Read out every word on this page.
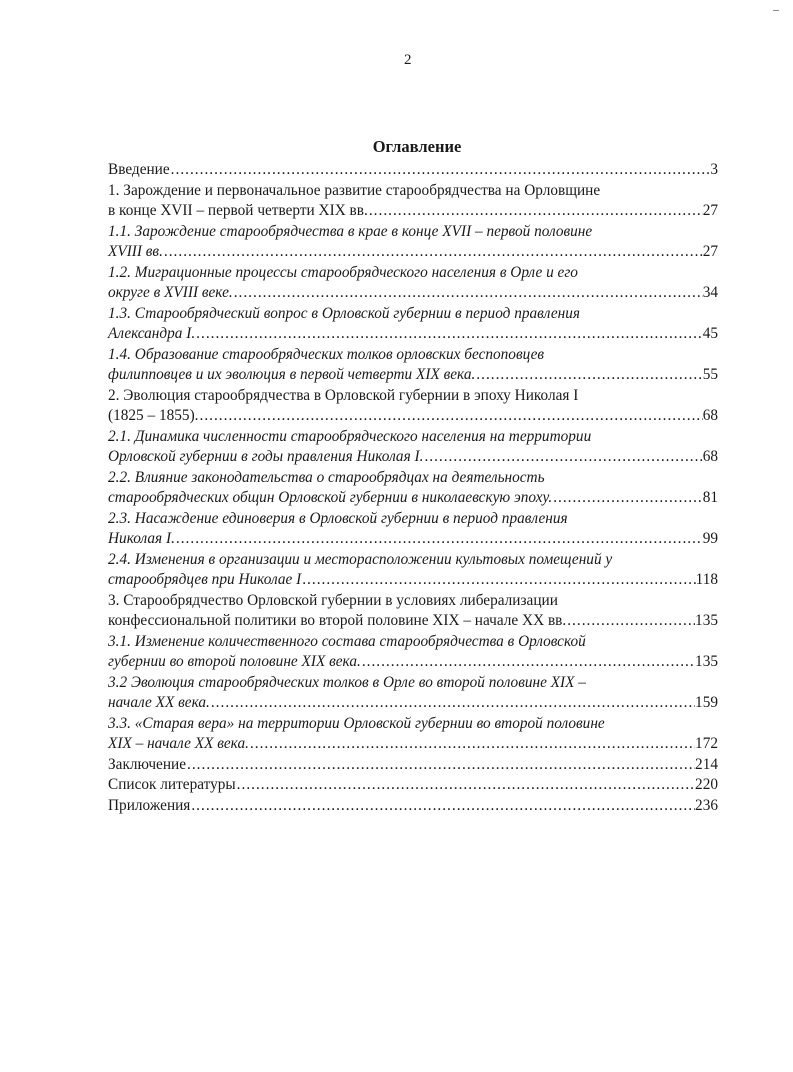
2
–
Оглавление
Введение .....	3
1. Зарождение и первоначальное развитие старообрядчества на Орловщине
в конце XVII – первой четверти XIX вв. .....	27
1.1. Зарождение старообрядчества в крае в конце XVII – первой половине
XVIII вв. .....	27
1.2. Миграционные процессы старообрядческого населения в Орле и его
округе в XVIII веке. .....	34
1.3. Старообрядческий вопрос в Орловской губернии в период правления
Александра I. .....	45
1.4. Образование старообрядческих толков орловских беспоповцев
филипповцев и их эволюция в первой четверти XIX века. .....	55
2. Эволюция старообрядчества в Орловской губернии в эпоху Николая I
(1825 – 1855). .....	68
2.1. Динамика численности старообрядческого населения на территории
Орловской губернии в годы правления Николая I. .....	68
2.2. Влияние законодательства о старообрядцах на деятельность
старообрядческих общин Орловской губернии в николаевскую эпоху. .....	81
2.3. Насаждение единоверия в Орловской губернии в период правления
Николая I. .....	99
2.4. Изменения в организации и месторасположении культовых помещений у
старообрядцев при Николае I .....	118
3. Старообрядчество Орловской губернии в условиях либерализации
конфессиональной политики во второй половине XIX – начале XX вв. .....	135
3.1. Изменение количественного состава старообрядчества в Орловской
губернии во второй половине XIX века. .....	135
3.2 Эволюция старообрядческих толков в Орле во второй половине XIX –
начале XX века. .....	159
3.3. «Старая вера» на территории Орловской губернии во второй половине
XIX – начале XX века. .....	172
Заключение .....	214
Список литературы .....	220
Приложения .....	236
